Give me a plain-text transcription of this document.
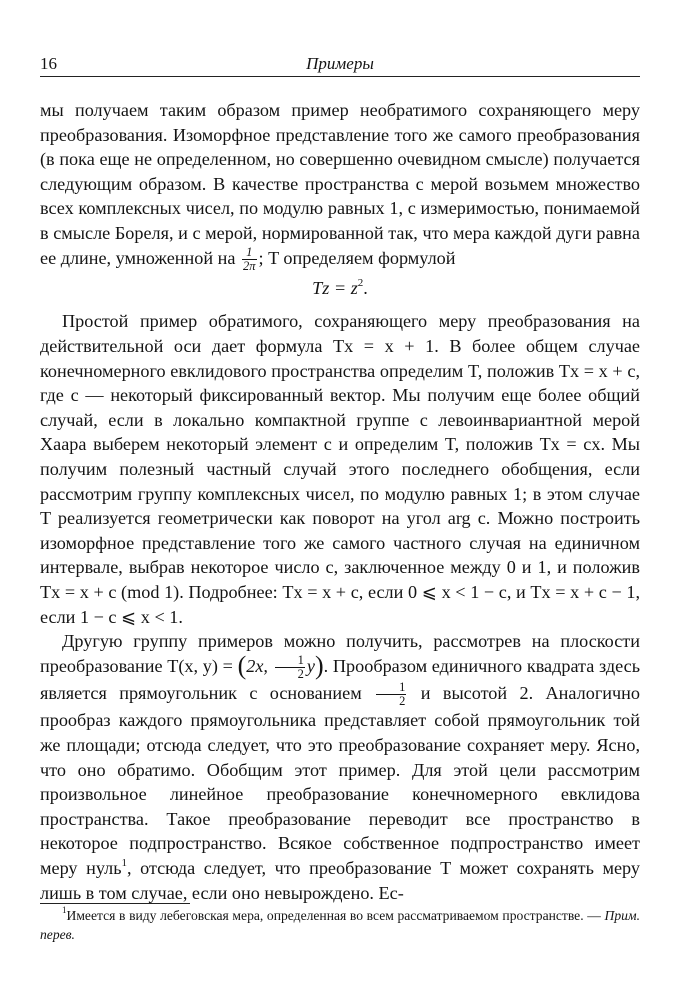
16	Примеры

мы получаем таким образом пример необратимого сохраняющего меру преобразования. Изоморфное представление того же самого преобразования (в пока еще не определенном, но совершенно очевидном смысле) получается следующим образом. В качестве пространства с мерой возьмем множество всех комплексных чисел, по модулю равных 1, с измеримостью, понимаемой в смысле Бореля, и с мерой, нормированной так, что мера каждой дуги равна ее длине, умноженной на $\frac{1}{2\pi}$ ; T определяем формулой

$Tz = z^2$.

Простой пример обратимого, сохраняющего меру преобразования на действительной оси дает формула Tx = x + 1. В более общем случае конечномерного евклидового пространства определим T, положив Tx = x + c, где c — некоторый фиксированный вектор. Мы получим еще более общий случай, если в локально компактной группе с левоинвариантной мерой Хаара выберем некоторый элемент c и определим T, положив Tx = cx. Мы получим полезный частный случай этого последнего обобщения, если рассмотрим группу комплексных чисел, по модулю равных 1; в этом случае T реализуется геометрически как поворот на угол arg c. Можно построить изоморфное представление того же самого частного случая на единичном интервале, выбрав некоторое число c, заключенное между 0 и 1, и положив Tx = x + c (mod 1). Подробнее: Tx = x + c, если 0 ⩽ x < 1 − c, и Tx = x + c − 1, если 1 − c ⩽ x < 1.

Другую группу примеров можно получить, рассмотрев на плоскости преобразование T(x, y) = (2x, $\frac{1}{2} y$). Прообразом единичного квадрата здесь является прямоугольник с основанием $\frac{1}{2}$ и высотой 2. Аналогично прообраз каждого прямоугольника представляет собой прямоугольник той же площади; отсюда следует, что это преобразование сохраняет меру. Ясно, что оно обратимо. Обобщим этот пример. Для этой цели рассмотрим произвольное линейное преобразование конечномерного евклидова пространства. Такое преобразование переводит все пространство в некоторое подпространство. Всякое собственное подпространство имеет меру нуль$^1$, отсюда следует, что преобразование T может сохранять меру лишь в том случае, если оно невырождено. Ес-

$^1$Имеется в виду лебеговская мера, определенная во всем рассматриваемом пространстве. — Прим. перев.
